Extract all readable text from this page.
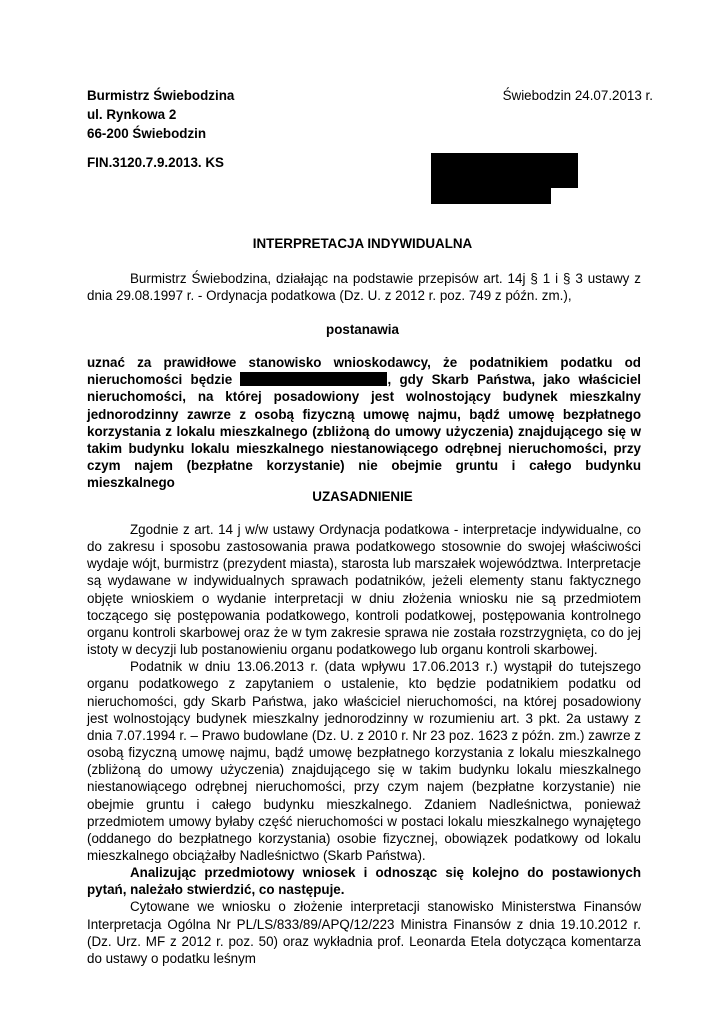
Burmistrz Świebodzina
ul. Rynkowa 2
66-200 Świebodzin
Świebodzin 24.07.2013 r.
FIN.3120.7.9.2013. KS
INTERPRETACJA INDYWIDUALNA

Burmistrz Świebodzina, działając na podstawie przepisów art. 14j § 1 i § 3 ustawy z dnia 29.08.1997 r. - Ordynacja podatkowa (Dz. U. z 2012 r. poz. 749 z późn. zm.),

postanawia

uznać za prawidłowe stanowisko wnioskodawcy, że podatnikiem podatku od nieruchomości będzie	, gdy Skarb Państwa, jako właściciel nieruchomości, na której posadowiony jest wolnostojący budynek mieszkalny jednorodzinny zawrze z osobą fizyczną umowę najmu, bądź umowę bezpłatnego korzystania z lokalu mieszkalnego (zbliżoną do umowy użyczenia) znajdującego się w takim budynku lokalu mieszkalnego niestanowiącego odrębnej nieruchomości, przy czym najem (bezpłatne korzystanie) nie obejmie gruntu i całego budynku mieszkalnego

UZASADNIENIE

Zgodnie z art. 14 j w/w ustawy Ordynacja podatkowa - interpretacje indywidualne, co do zakresu i sposobu zastosowania prawa podatkowego stosownie do swojej właściwości wydaje wójt, burmistrz (prezydent miasta), starosta lub marszałek województwa. Interpretacje są wydawane w indywidualnych sprawach podatników, jeżeli elementy stanu faktycznego objęte wnioskiem o wydanie interpretacji w dniu złożenia wniosku nie są przedmiotem toczącego się postępowania podatkowego, kontroli podatkowej, postępowania kontrolnego organu kontroli skarbowej oraz że w tym zakresie sprawa nie została rozstrzygnięta, co do jej istoty w decyzji lub postanowieniu organu podatkowego lub organu kontroli skarbowej.

Podatnik w dniu 13.06.2013 r. (data wpływu 17.06.2013 r.) wystąpił do tutejszego organu podatkowego z zapytaniem o ustalenie, kto będzie podatnikiem podatku od nieruchomości, gdy Skarb Państwa, jako właściciel nieruchomości, na której posadowiony jest wolnostojący budynek mieszkalny jednorodzinny w rozumieniu art. 3 pkt. 2a ustawy z dnia 7.07.1994 r. – Prawo budowlane (Dz. U. z 2010 r. Nr 23 poz. 1623 z późn. zm.) zawrze z osobą fizyczną umowę najmu, bądź umowę bezpłatnego korzystania z lokalu mieszkalnego (zbliżoną do umowy użyczenia) znajdującego się w takim budynku lokalu mieszkalnego niestanowiącego odrębnej nieruchomości, przy czym najem (bezpłatne korzystanie) nie obejmie gruntu i całego budynku mieszkalnego. Zdaniem Nadleśnictwa, ponieważ przedmiotem umowy byłaby część nieruchomości w postaci lokalu mieszkalnego wynajętego (oddanego do bezpłatnego korzystania) osobie fizycznej, obowiązek podatkowy od lokalu mieszkalnego obciążałby Nadleśnictwo (Skarb Państwa).

Analizując przedmiotowy wniosek i odnosząc się kolejno do postawionych pytań, należało stwierdzić, co następuje.

Cytowane we wniosku o złożenie interpretacji stanowisko Ministerstwa Finansów Interpretacja Ogólna Nr PL/LS/833/89/APQ/12/223 Ministra Finansów z dnia 19.10.2012 r. (Dz. Urz. MF z 2012 r. poz. 50) oraz wykładnia prof. Leonarda Etela dotycząca komentarza do ustawy o podatku leśnym
